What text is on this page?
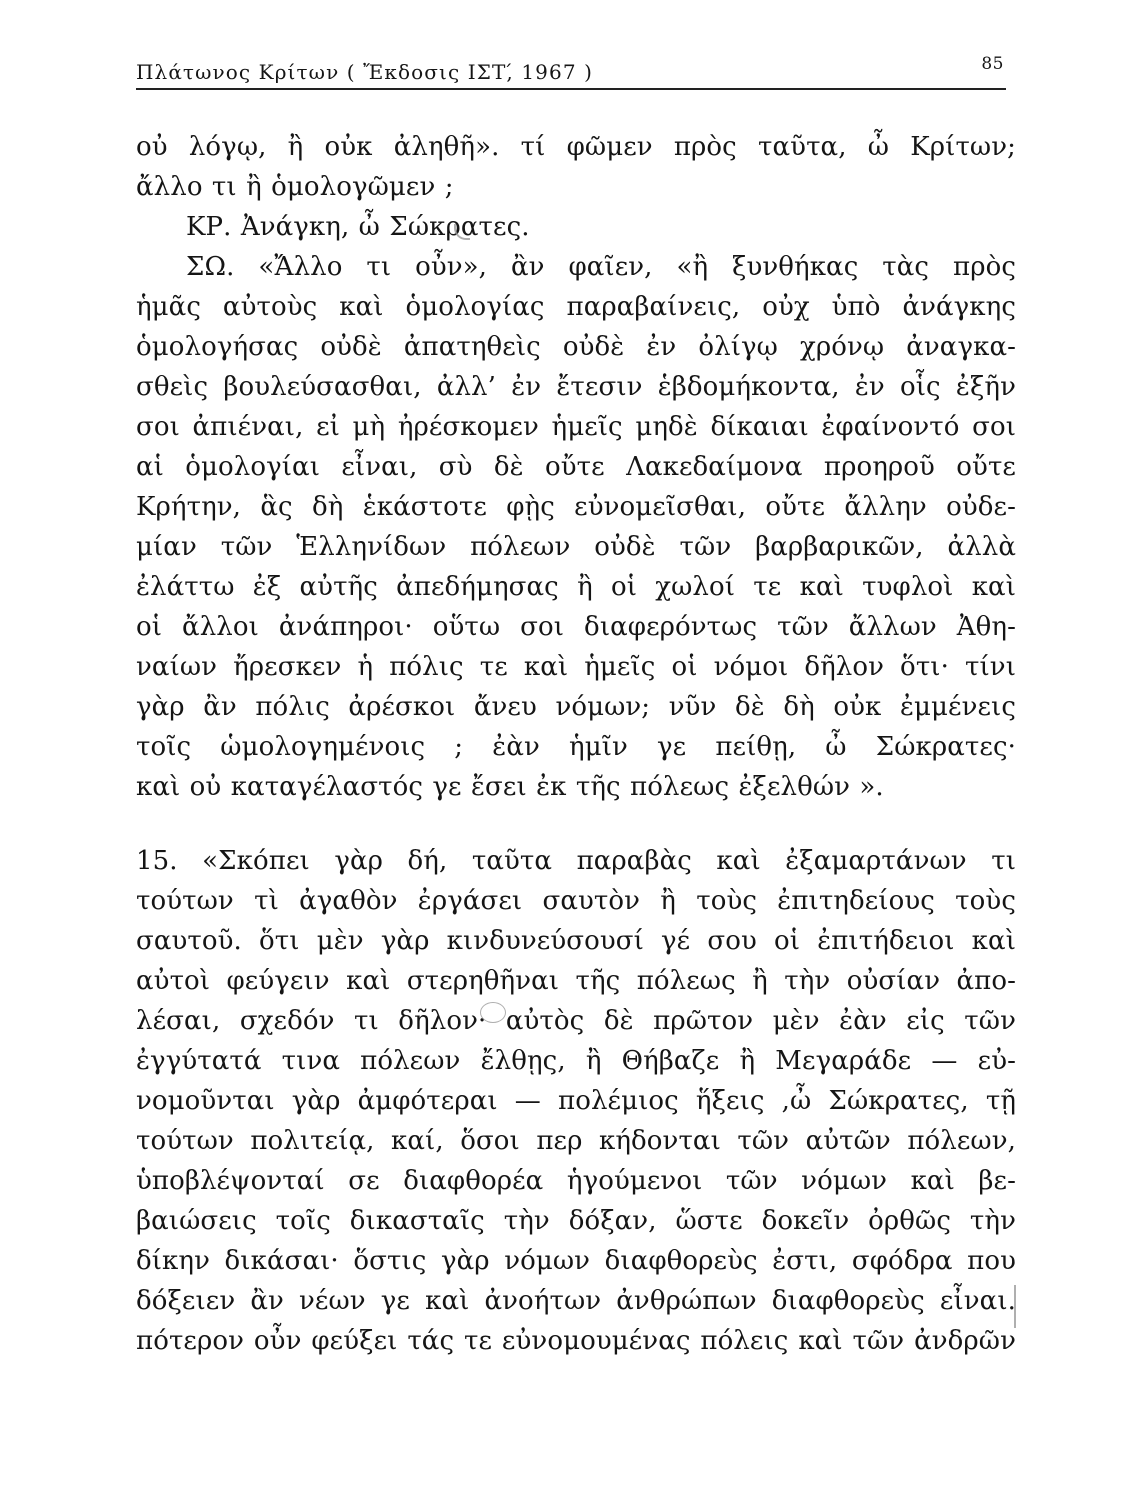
Πλάτωνος Κρίτων ( Ἔκδοσις ΙΣΤ,́ 1967 )	85
οὐ λόγῳ, ἢ οὐκ ἀληθῆ». τί φῶμεν πρὸς ταῦτα, ὦ Κρίτων;
ἄλλο τι ἢ ὁμολογῶμεν ;
ΚΡ. Ἀνάγκη, ὦ Σώκρατες.
ΣΩ. «Ἄλλο τι οὖν», ἂν φαῖεν, «ἢ ξυνθήκας τὰς πρὸς
ἡμᾶς αὐτοὺς καὶ ὁμολογίας παραβαίνεις, οὐχ ὑπὸ ἀνάγκης
ὁμολογήσας οὐδὲ ἀπατηθεὶς οὐδὲ ἐν ὀλίγῳ χρόνῳ ἀναγκα-
σθεὶς βουλεύσασθαι, ἀλλ’ ἐν ἔτεσιν ἑβδομήκοντα, ἐν οἷς ἐξῆν
σοι ἀπιέναι, εἰ μὴ ἠρέσκομεν ἡμεῖς μηδὲ δίκαιαι ἐφαίνοντό σοι
αἱ ὁμολογίαι εἶναι, σὺ δὲ οὔτε Λακεδαίμονα προηροῦ οὔτε
Κρήτην, ἃς δὴ ἑκάστοτε φῂς εὐνομεῖσθαι, οὔτε ἄλλην οὐδε-
μίαν τῶν Ἑλληνίδων πόλεων οὐδὲ τῶν βαρβαρικῶν, ἀλλὰ
ἐλάττω ἐξ αὐτῆς ἀπεδήμησας ἢ οἱ χωλοί τε καὶ τυφλοὶ καὶ
οἱ ἄλλοι ἀνάπηροι· οὕτω σοι διαφερόντως τῶν ἄλλων Ἀθη-
ναίων ἤρεσκεν ἡ πόλις τε καὶ ἡμεῖς οἱ νόμοι δῆλον ὅτι· τίνι
γὰρ ἂν πόλις ἀρέσκοι ἄνευ νόμων; νῦν δὲ δὴ οὐκ ἐμμένεις
τοῖς ὡμολογημένοις ; ἐὰν ἡμῖν γε πείθῃ, ὦ Σώκρατες·
καὶ οὐ καταγέλαστός γε ἔσει ἐκ τῆς πόλεως ἐξελθών ».
15. «Σκόπει γὰρ δή, ταῦτα παραβὰς καὶ ἐξαμαρτάνων τι
τούτων τὶ ἀγαθὸν ἐργάσει σαυτὸν ἢ τοὺς ἐπιτηδείους τοὺς
σαυτοῦ. ὅτι μὲν γὰρ κινδυνεύσουσί γέ σου οἱ ἐπιτήδειοι καὶ
αὐτοὶ φεύγειν καὶ στερηθῆναι τῆς πόλεως ἢ τὴν οὐσίαν ἀπο-
λέσαι, σχεδόν τι δῆλον· αὐτὸς δὲ πρῶτον μὲν ἐὰν εἰς τῶν
ἐγγύτατά τινα πόλεων ἔλθῃς, ἢ Θήβαζε ἢ Μεγαράδε — εὐ-
νομοῦνται γὰρ ἀμφότεραι — πολέμιος ἥξεις ,ὦ Σώκρατες, τῇ
τούτων πολιτείᾳ, καί, ὅσοι περ κήδονται τῶν αὐτῶν πόλεων,
ὑποβλέψονταί σε διαφθορέα ἡγούμενοι τῶν νόμων καὶ βε-
βαιώσεις τοῖς δικασταῖς τὴν δόξαν, ὥστε δοκεῖν ὀρθῶς τὴν
δίκην δικάσαι· ὅστις γὰρ νόμων διαφθορεὺς ἐστι, σφόδρα που
δόξειεν ἂν νέων γε καὶ ἀνοήτων ἀνθρώπων διαφθορεὺς εἶναι.
πότερον οὖν φεύξει τάς τε εὐνομουμένας πόλεις καὶ τῶν ἀνδρῶν
